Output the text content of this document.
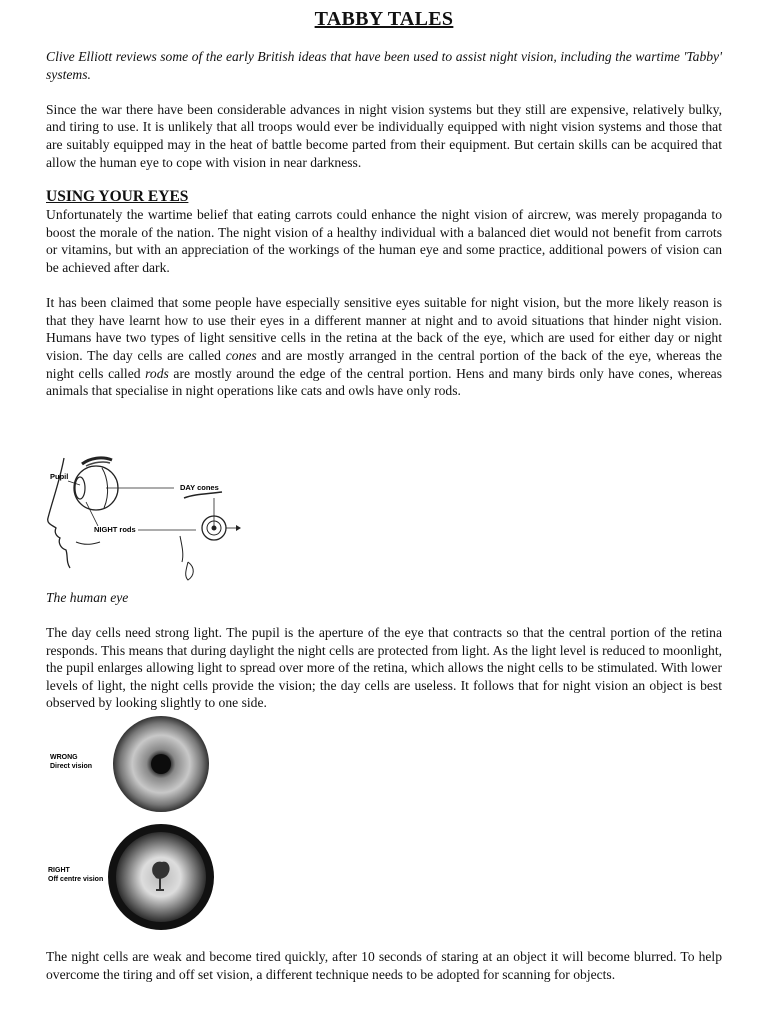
TABBY TALES

Clive Elliott reviews some of the early British ideas that have been used to assist night vision, including the wartime 'Tabby' systems.

Since the war there have been considerable advances in night vision systems but they still are expensive, relatively bulky, and tiring to use. It is unlikely that all troops would ever be individually equipped with night vision systems and those that are suitably equipped may in the heat of battle become parted from their equipment. But certain skills can be acquired that allow the human eye to cope with vision in near darkness.

USING YOUR EYES

Unfortunately the wartime belief that eating carrots could enhance the night vision of aircrew, was merely propaganda to boost the morale of the nation. The night vision of a healthy individual with a balanced diet would not benefit from carrots or vitamins, but with an appreciation of the workings of the human eye and some practice, additional powers of vision can be achieved after dark.

It has been claimed that some people have especially sensitive eyes suitable for night vision, but the more likely reason is that they have learnt how to use their eyes in a different manner at night and to avoid situations that hinder night vision. Humans have two types of light sensitive cells in the retina at the back of the eye, which are used for either day or night vision. The day cells are called cones and are mostly arranged in the central portion of the back of the eye, whereas the night cells called rods are mostly around the edge of the central portion. Hens and many birds only have cones, whereas animals that specialise in night operations like cats and owls have only rods.

Pupil
DAY cones
NIGHT rods
The human eye

The day cells need strong light. The pupil is the aperture of the eye that contracts so that the central portion of the retina responds. This means that during daylight the night cells are protected from light. As the light level is reduced to moonlight, the pupil enlarges allowing light to spread over more of the retina, which allows the night cells to be stimulated. With lower levels of light, the night cells provide the vision; the day cells are useless. It follows that for night vision an object is best observed by looking slightly to one side.

WRONG
Direct vision
RIGHT
Off centre vision

The night cells are weak and become tired quickly, after 10 seconds of staring at an object it will become blurred. To help overcome the tiring and off set vision, a different technique needs to be adopted for scanning for objects.
